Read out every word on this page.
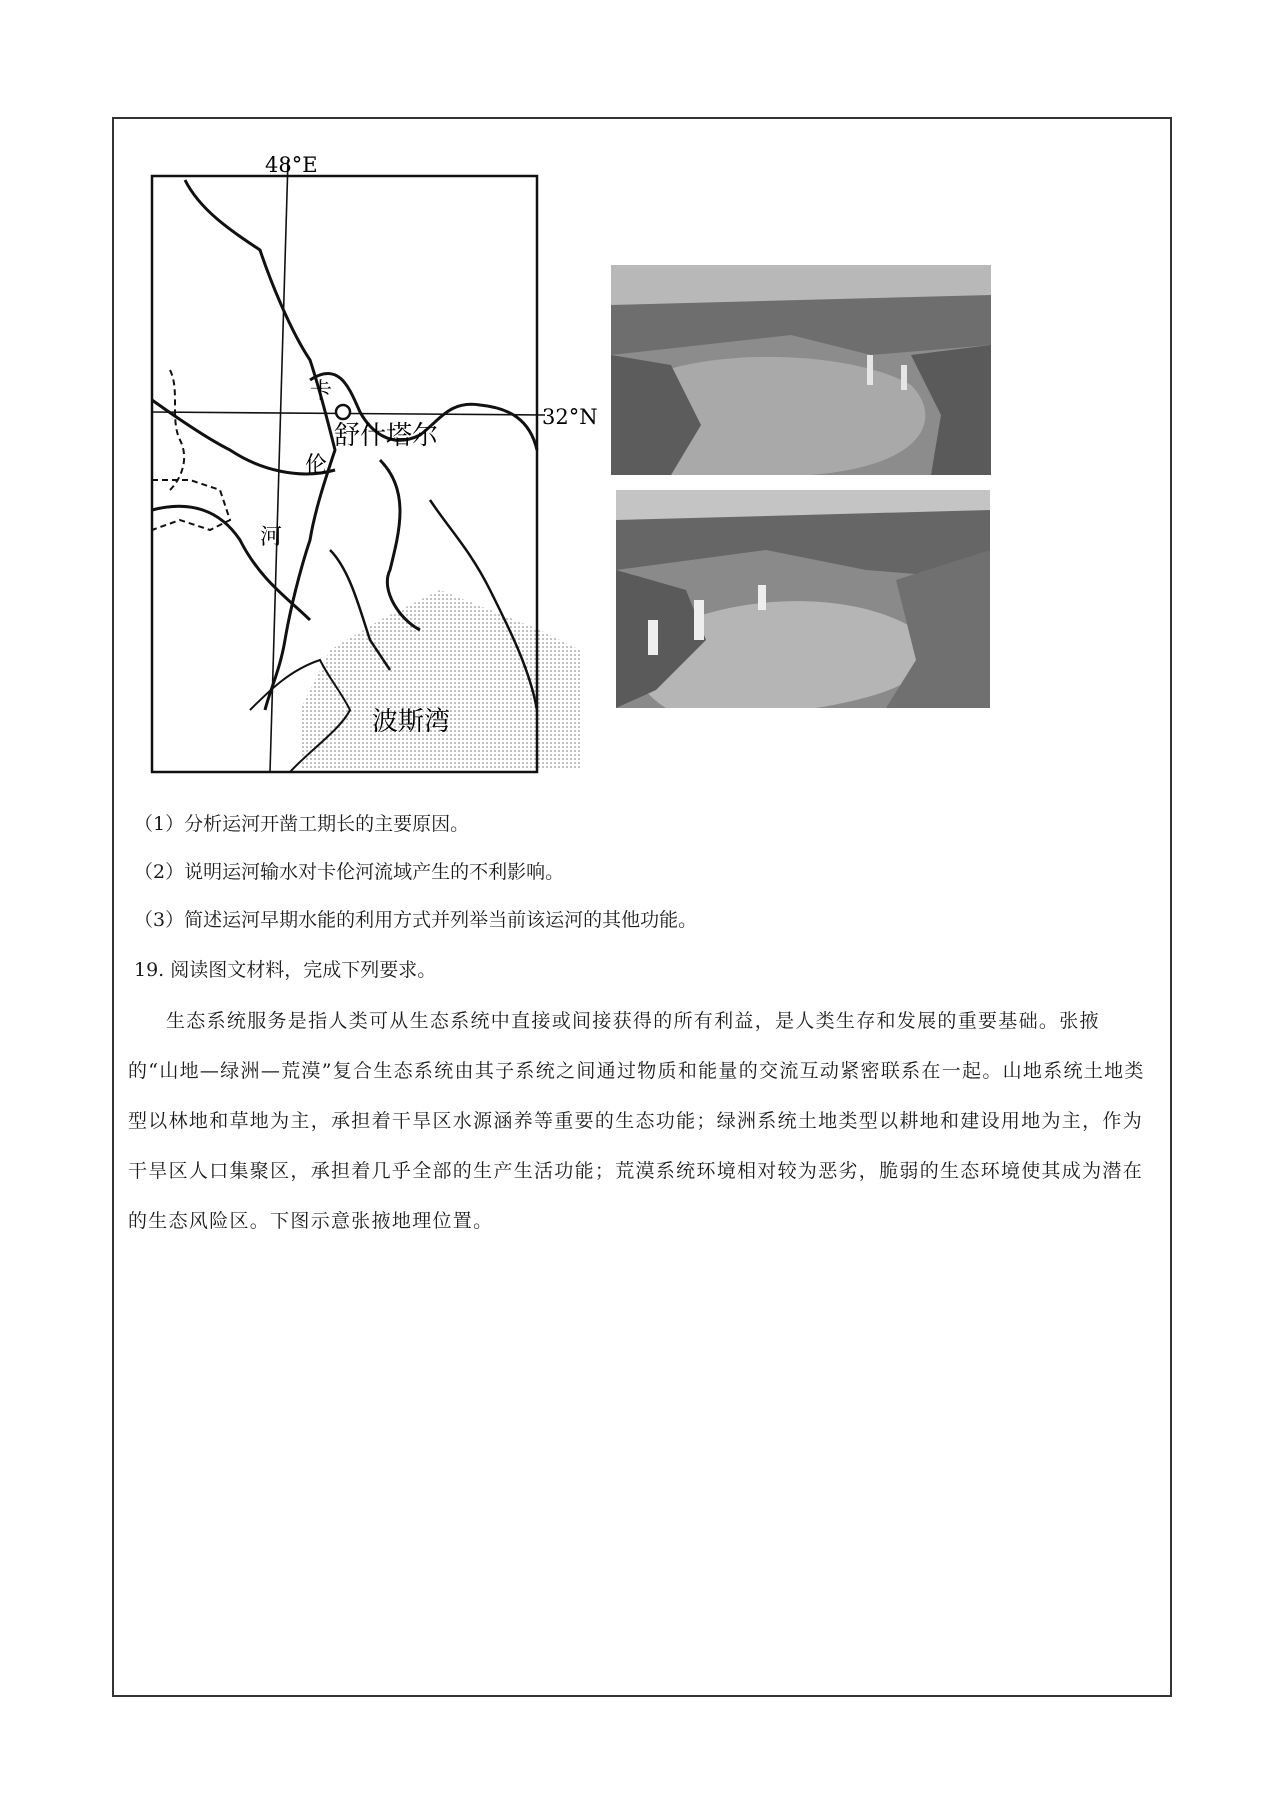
48°E
32°N
卡
伦
河
舒什塔尔
波斯湾
（1）分析运河开凿工期长的主要原因。
（2）说明运河输水对卡伦河流域产生的不利影响。
（3）简述运河早期水能的利用方式并列举当前该运河的其他功能。
19. 阅读图文材料，完成下列要求。

生态系统服务是指人类可从生态系统中直接或间接获得的所有利益，是人类生存和发展的重要基础。张掖的“山地—绿洲—荒漠”复合生态系统由其子系统之间通过物质和能量的交流互动紧密联系在一起。山地系统土地类型以林地和草地为主，承担着干旱区水源涵养等重要的生态功能；绿洲系统土地类型以耕地和建设用地为主，作为干旱区人口集聚区，承担着几乎全部的生产生活功能；荒漠系统环境相对较为恶劣，脆弱的生态环境使其成为潜在的生态风险区。下图示意张掖地理位置。
